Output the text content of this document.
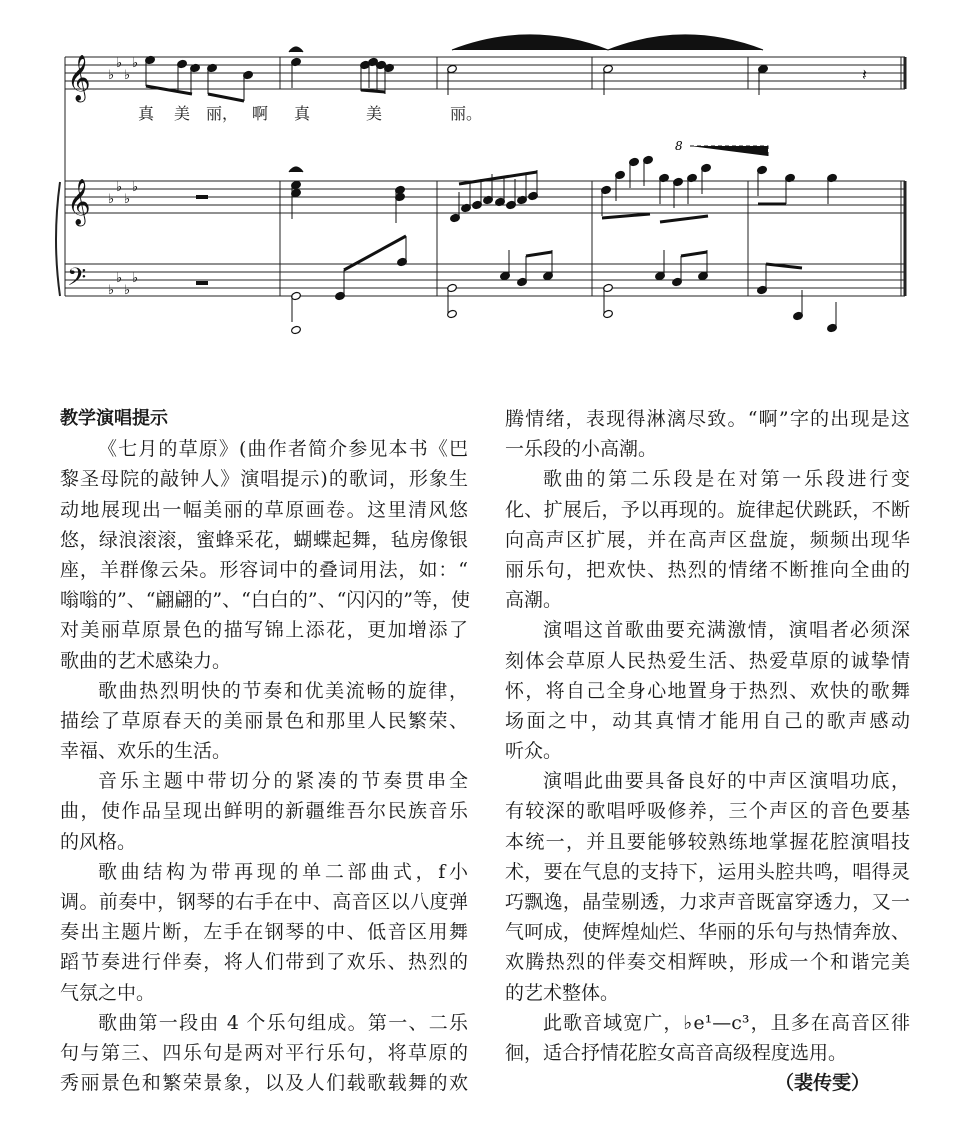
𝄞 ♭
♭
♭
♭
𝄞 ♭
♭
♭
♭
𝄢 ♭
♭
♭
♭
𝄽
8
真 美 丽， 啊 真	美	丽。
教学演唱提示
《七月的草原》(曲作者简介参见本书《巴
黎圣母院的敲钟人》演唱提示)的歌词，形象生
动地展现出一幅美丽的草原画卷。这里清风悠
悠，绿浪滚滚，蜜蜂采花，蝴蝶起舞，毡房像银
座，羊群像云朵。形容词中的叠词用法，如：“
嗡嗡的”、“翩翩的”、“白白的”、“闪闪的”等，使
对美丽草原景色的描写锦上添花，更加增添了
歌曲的艺术感染力。
歌曲热烈明快的节奏和优美流畅的旋律，
描绘了草原春天的美丽景色和那里人民繁荣、
幸福、欢乐的生活。
音乐主题中带切分的紧凑的节奏贯串全
曲，使作品呈现出鲜明的新疆维吾尔民族音乐
的风格。
歌曲结构为带再现的单二部曲式，f小
调。前奏中，钢琴的右手在中、高音区以八度弹
奏出主题片断，左手在钢琴的中、低音区用舞
蹈节奏进行伴奏，将人们带到了欢乐、热烈的
气氛之中。
歌曲第一段由 4 个乐句组成。第一、二乐
句与第三、四乐句是两对平行乐句，将草原的
秀丽景色和繁荣景象，以及人们载歌载舞的欢
腾情绪，表现得淋漓尽致。“啊”字的出现是这
一乐段的小高潮。
歌曲的第二乐段是在对第一乐段进行变
化、扩展后，予以再现的。旋律起伏跳跃，不断
向高声区扩展，并在高声区盘旋，频频出现华
丽乐句，把欢快、热烈的情绪不断推向全曲的
高潮。
演唱这首歌曲要充满激情，演唱者必须深
刻体会草原人民热爱生活、热爱草原的诚挚情
怀，将自己全身心地置身于热烈、欢快的歌舞
场面之中，动其真情才能用自己的歌声感动
听众。
演唱此曲要具备良好的中声区演唱功底，
有较深的歌唱呼吸修养，三个声区的音色要基
本统一，并且要能够较熟练地掌握花腔演唱技
术，要在气息的支持下，运用头腔共鸣，唱得灵
巧飘逸，晶莹剔透，力求声音既富穿透力，又一
气呵成，使辉煌灿烂、华丽的乐句与热情奔放、
欢腾热烈的伴奏交相辉映，形成一个和谐完美
的艺术整体。
此歌音域宽广，♭e¹—c³，且多在高音区徘
徊，适合抒情花腔女高音高级程度选用。
（裴传雯）
